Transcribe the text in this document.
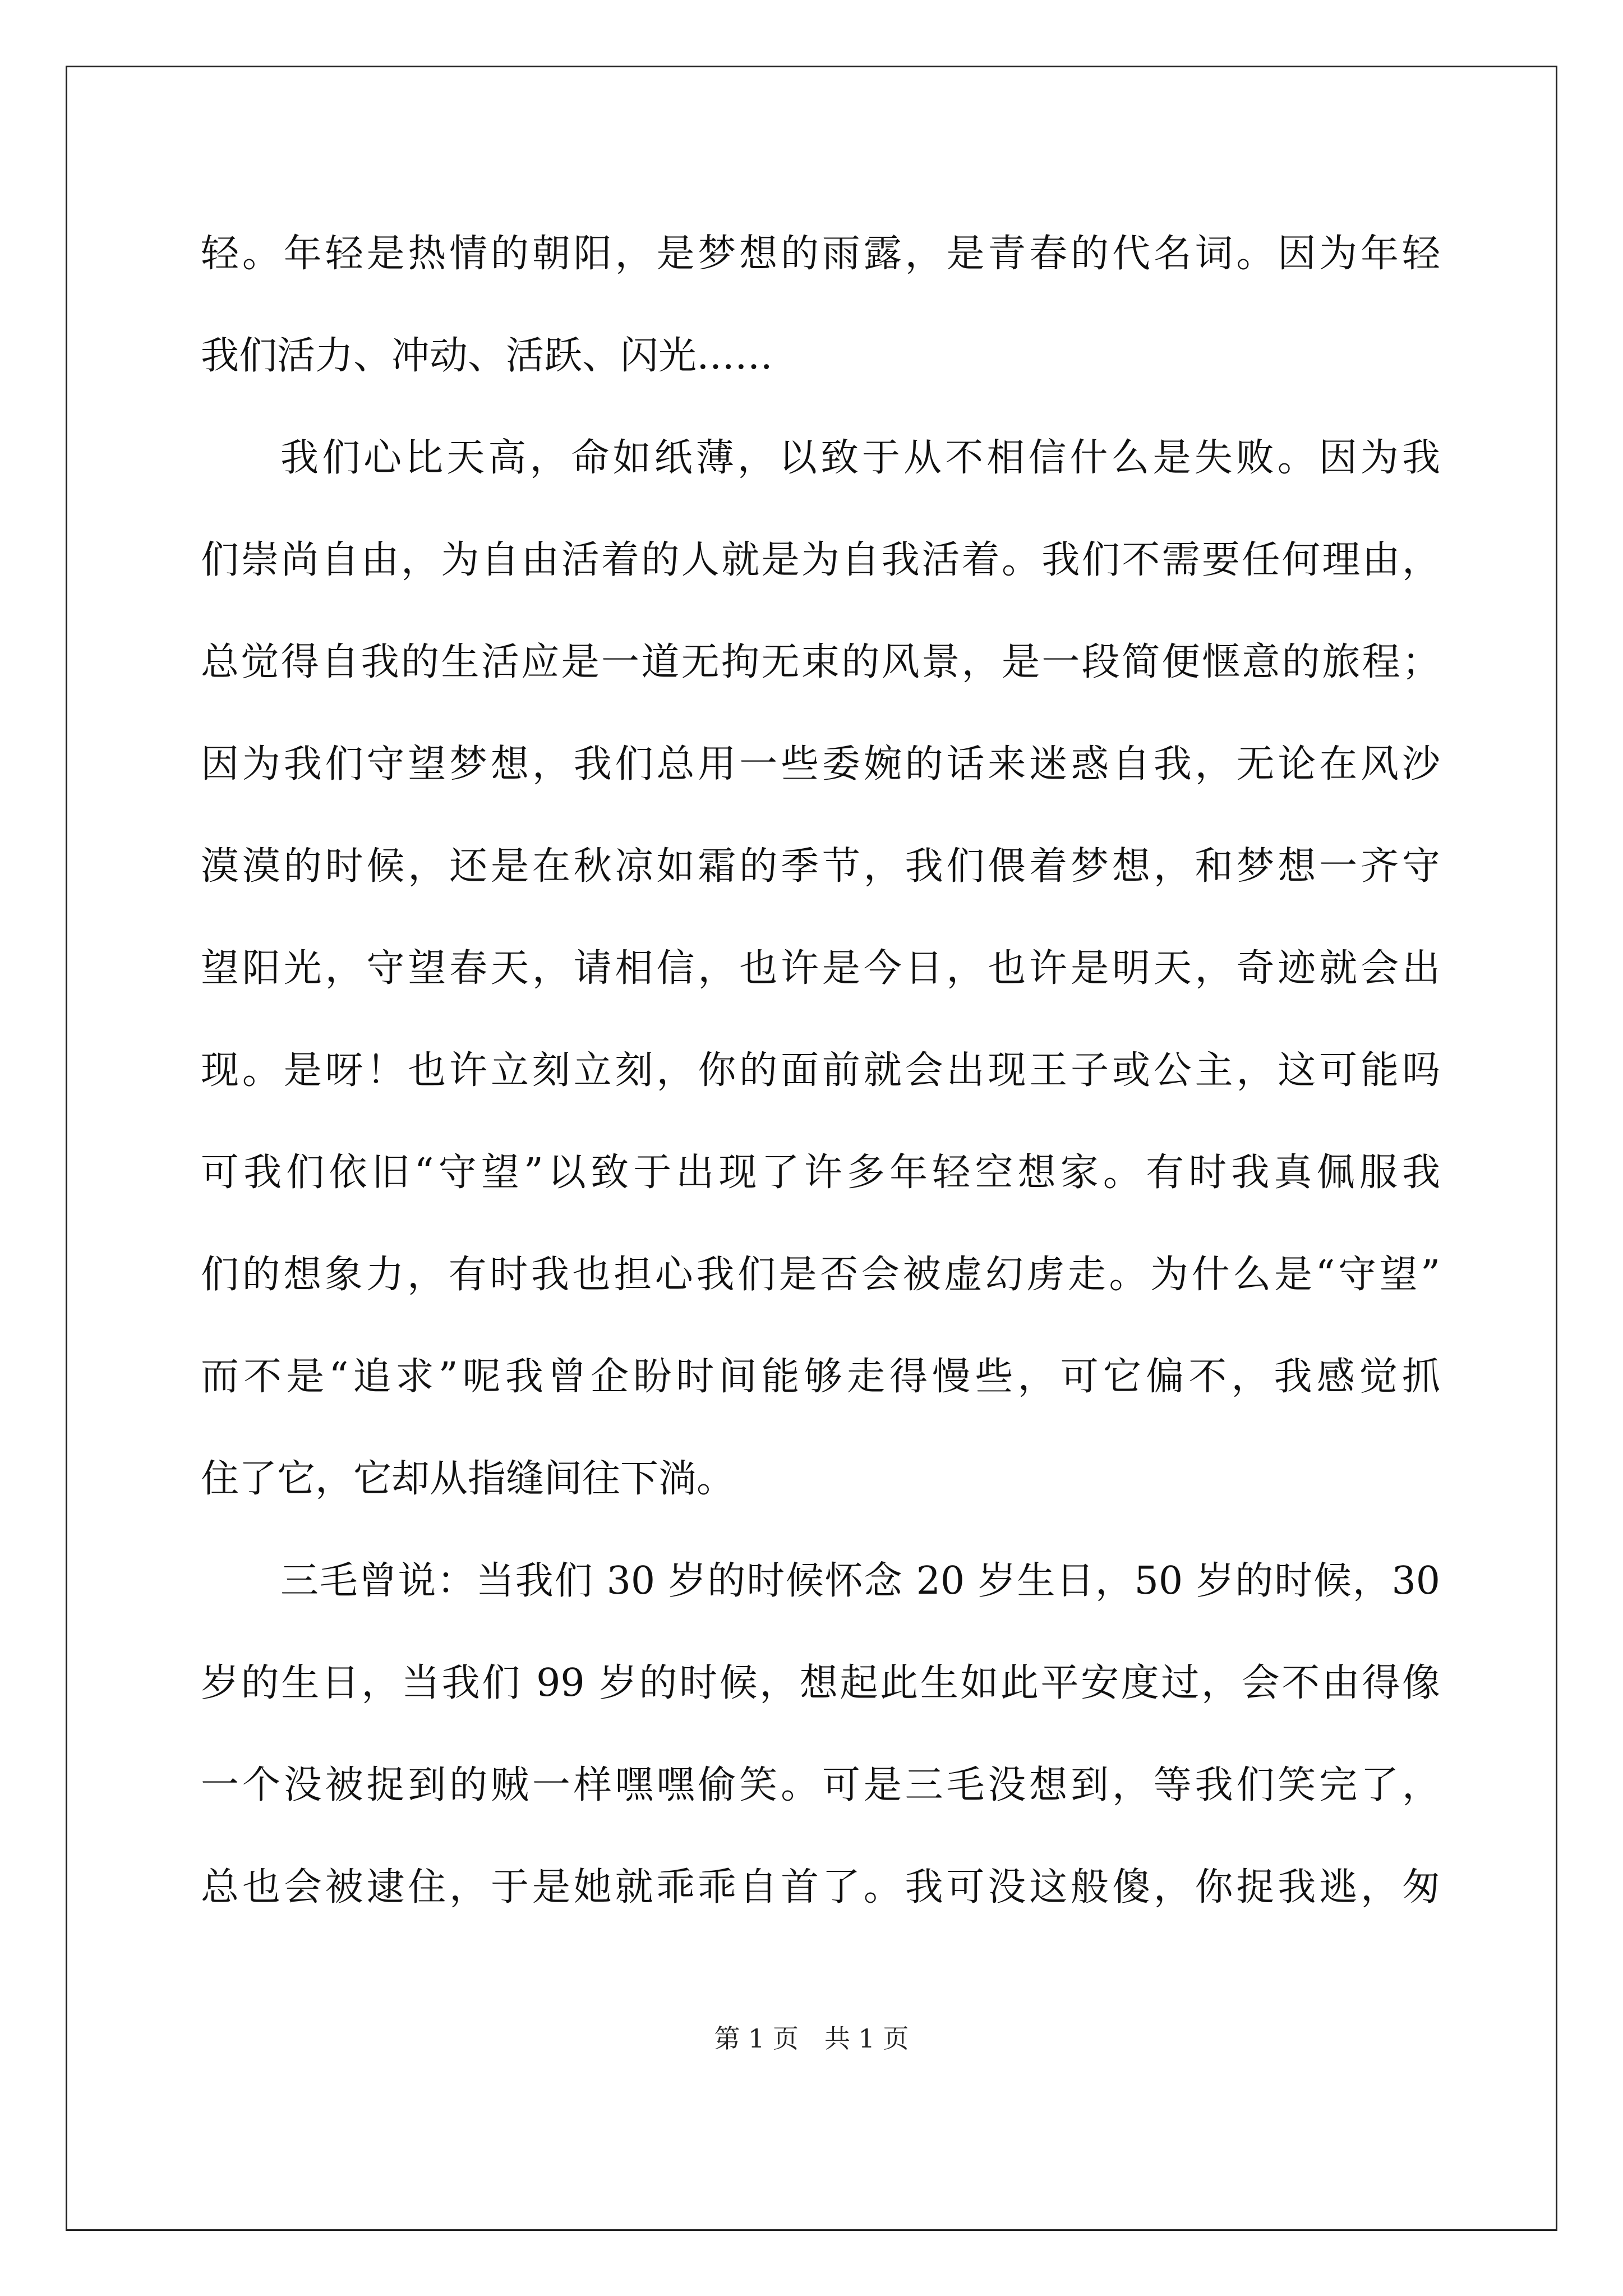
轻。年轻是热情的朝阳，是梦想的雨露，是青春的代名词。因为年轻
我们活力、冲动、活跃、闪光……
我们心比天高，命如纸薄，以致于从不相信什么是失败。因为我
们崇尚自由，为自由活着的人就是为自我活着。我们不需要任何理由，
总觉得自我的生活应是一道无拘无束的风景，是一段简便惬意的旅程；
因为我们守望梦想，我们总用一些委婉的话来迷惑自我，无论在风沙
漠漠的时候，还是在秋凉如霜的季节，我们偎着梦想，和梦想一齐守
望阳光，守望春天，请相信，也许是今日，也许是明天，奇迹就会出
现。是呀！也许立刻立刻，你的面前就会出现王子或公主，这可能吗
可我们依旧“守望”以致于出现了许多年轻空想家。有时我真佩服我
们的想象力，有时我也担心我们是否会被虚幻虏走。为什么是“守望”
而不是“追求”呢我曾企盼时间能够走得慢些，可它偏不，我感觉抓
住了它，它却从指缝间往下淌。
三毛曾说：当我们 30 岁的时候怀念 20 岁生日，50 岁的时候，30
岁的生日，当我们 99 岁的时候，想起此生如此平安度过，会不由得像
一个没被捉到的贼一样嘿嘿偷笑。可是三毛没想到，等我们笑完了，
总也会被逮住，于是她就乖乖自首了。我可没这般傻，你捉我逃，匆
第 1 页　共 1 页
